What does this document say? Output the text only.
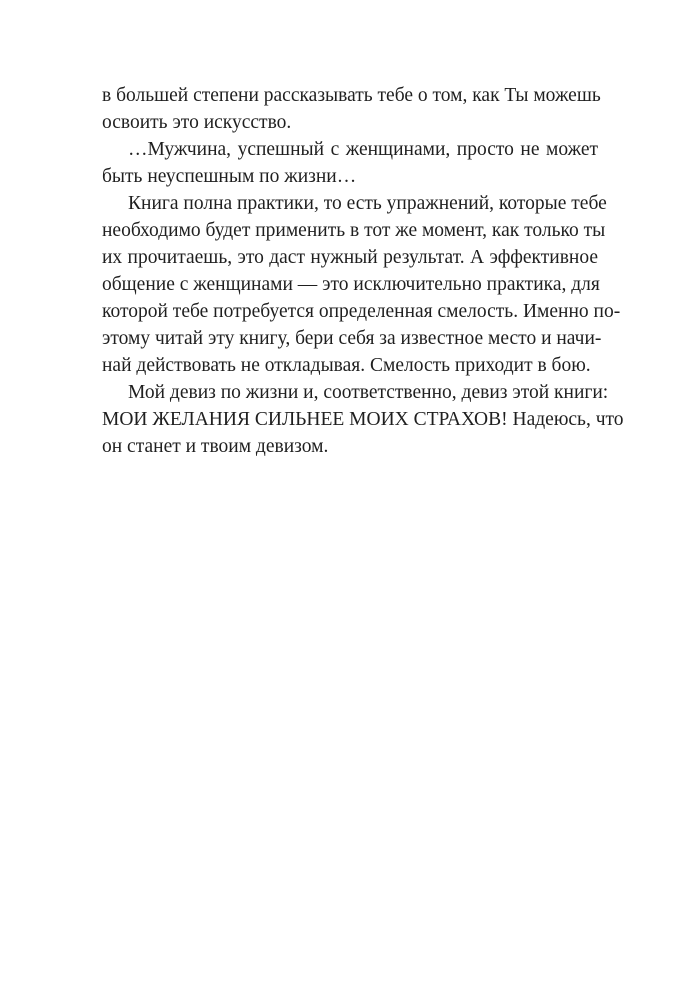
в большей степени рассказывать тебе о том, как Ты можешь
освоить это искусство.
…Мужчина, успешный с женщинами, просто не может
быть неуспешным по жизни…
Книга полна практики, то есть упражнений, которые тебе
необходимо будет применить в тот же момент, как только ты
их прочитаешь, это даст нужный результат. А эффективное
общение с женщинами — это исключительно практика, для
которой тебе потребуется определенная смелость. Именно по-
этому читай эту книгу, бери себя за известное место и начи-
най действовать не откладывая. Смелость приходит в бою.
Мой девиз по жизни и, соответственно, девиз этой книги:
МОИ ЖЕЛАНИЯ СИЛЬНЕЕ МОИХ СТРАХОВ! Надеюсь, что
он станет и твоим девизом.
